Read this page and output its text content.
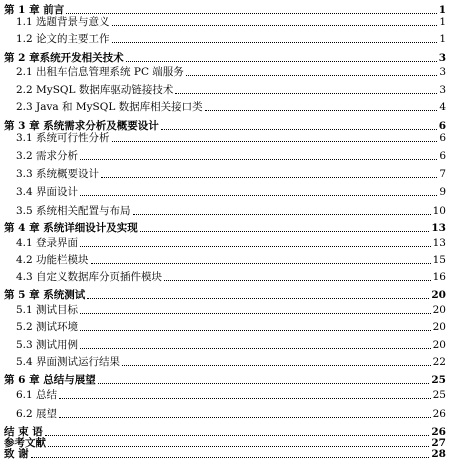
第 1 章 前言	1
1.1 选题背景与意义	1
1.2 论文的主要工作	1
第 2 章系统开发相关技术	3
2.1 出租车信息管理系统 PC 端服务	3
2.2 MySQL 数据库驱动链接技术	3
2.3 Java 和 MySQL 数据库相关接口类	4
第 3 章 系统需求分析及概要设计	6
3.1 系统可行性分析	6
3.2 需求分析	6
3.3 系统概要设计	7
3.4 界面设计	9
3.5 系统相关配置与布局	10
第 4 章 系统详细设计及实现	13
4.1 登录界面	13
4.2 功能栏模块	15
4.3 自定义数据库分页插件模块	16
第 5 章 系统测试	20
5.1 测试目标	20
5.2 测试环境	20
5.3 测试用例	20
5.4 界面测试运行结果	22
第 6 章 总结与展望	25
6.1 总结	25
6.2 展望	26
结 束 语	26
参考文献	27
致 谢	28
